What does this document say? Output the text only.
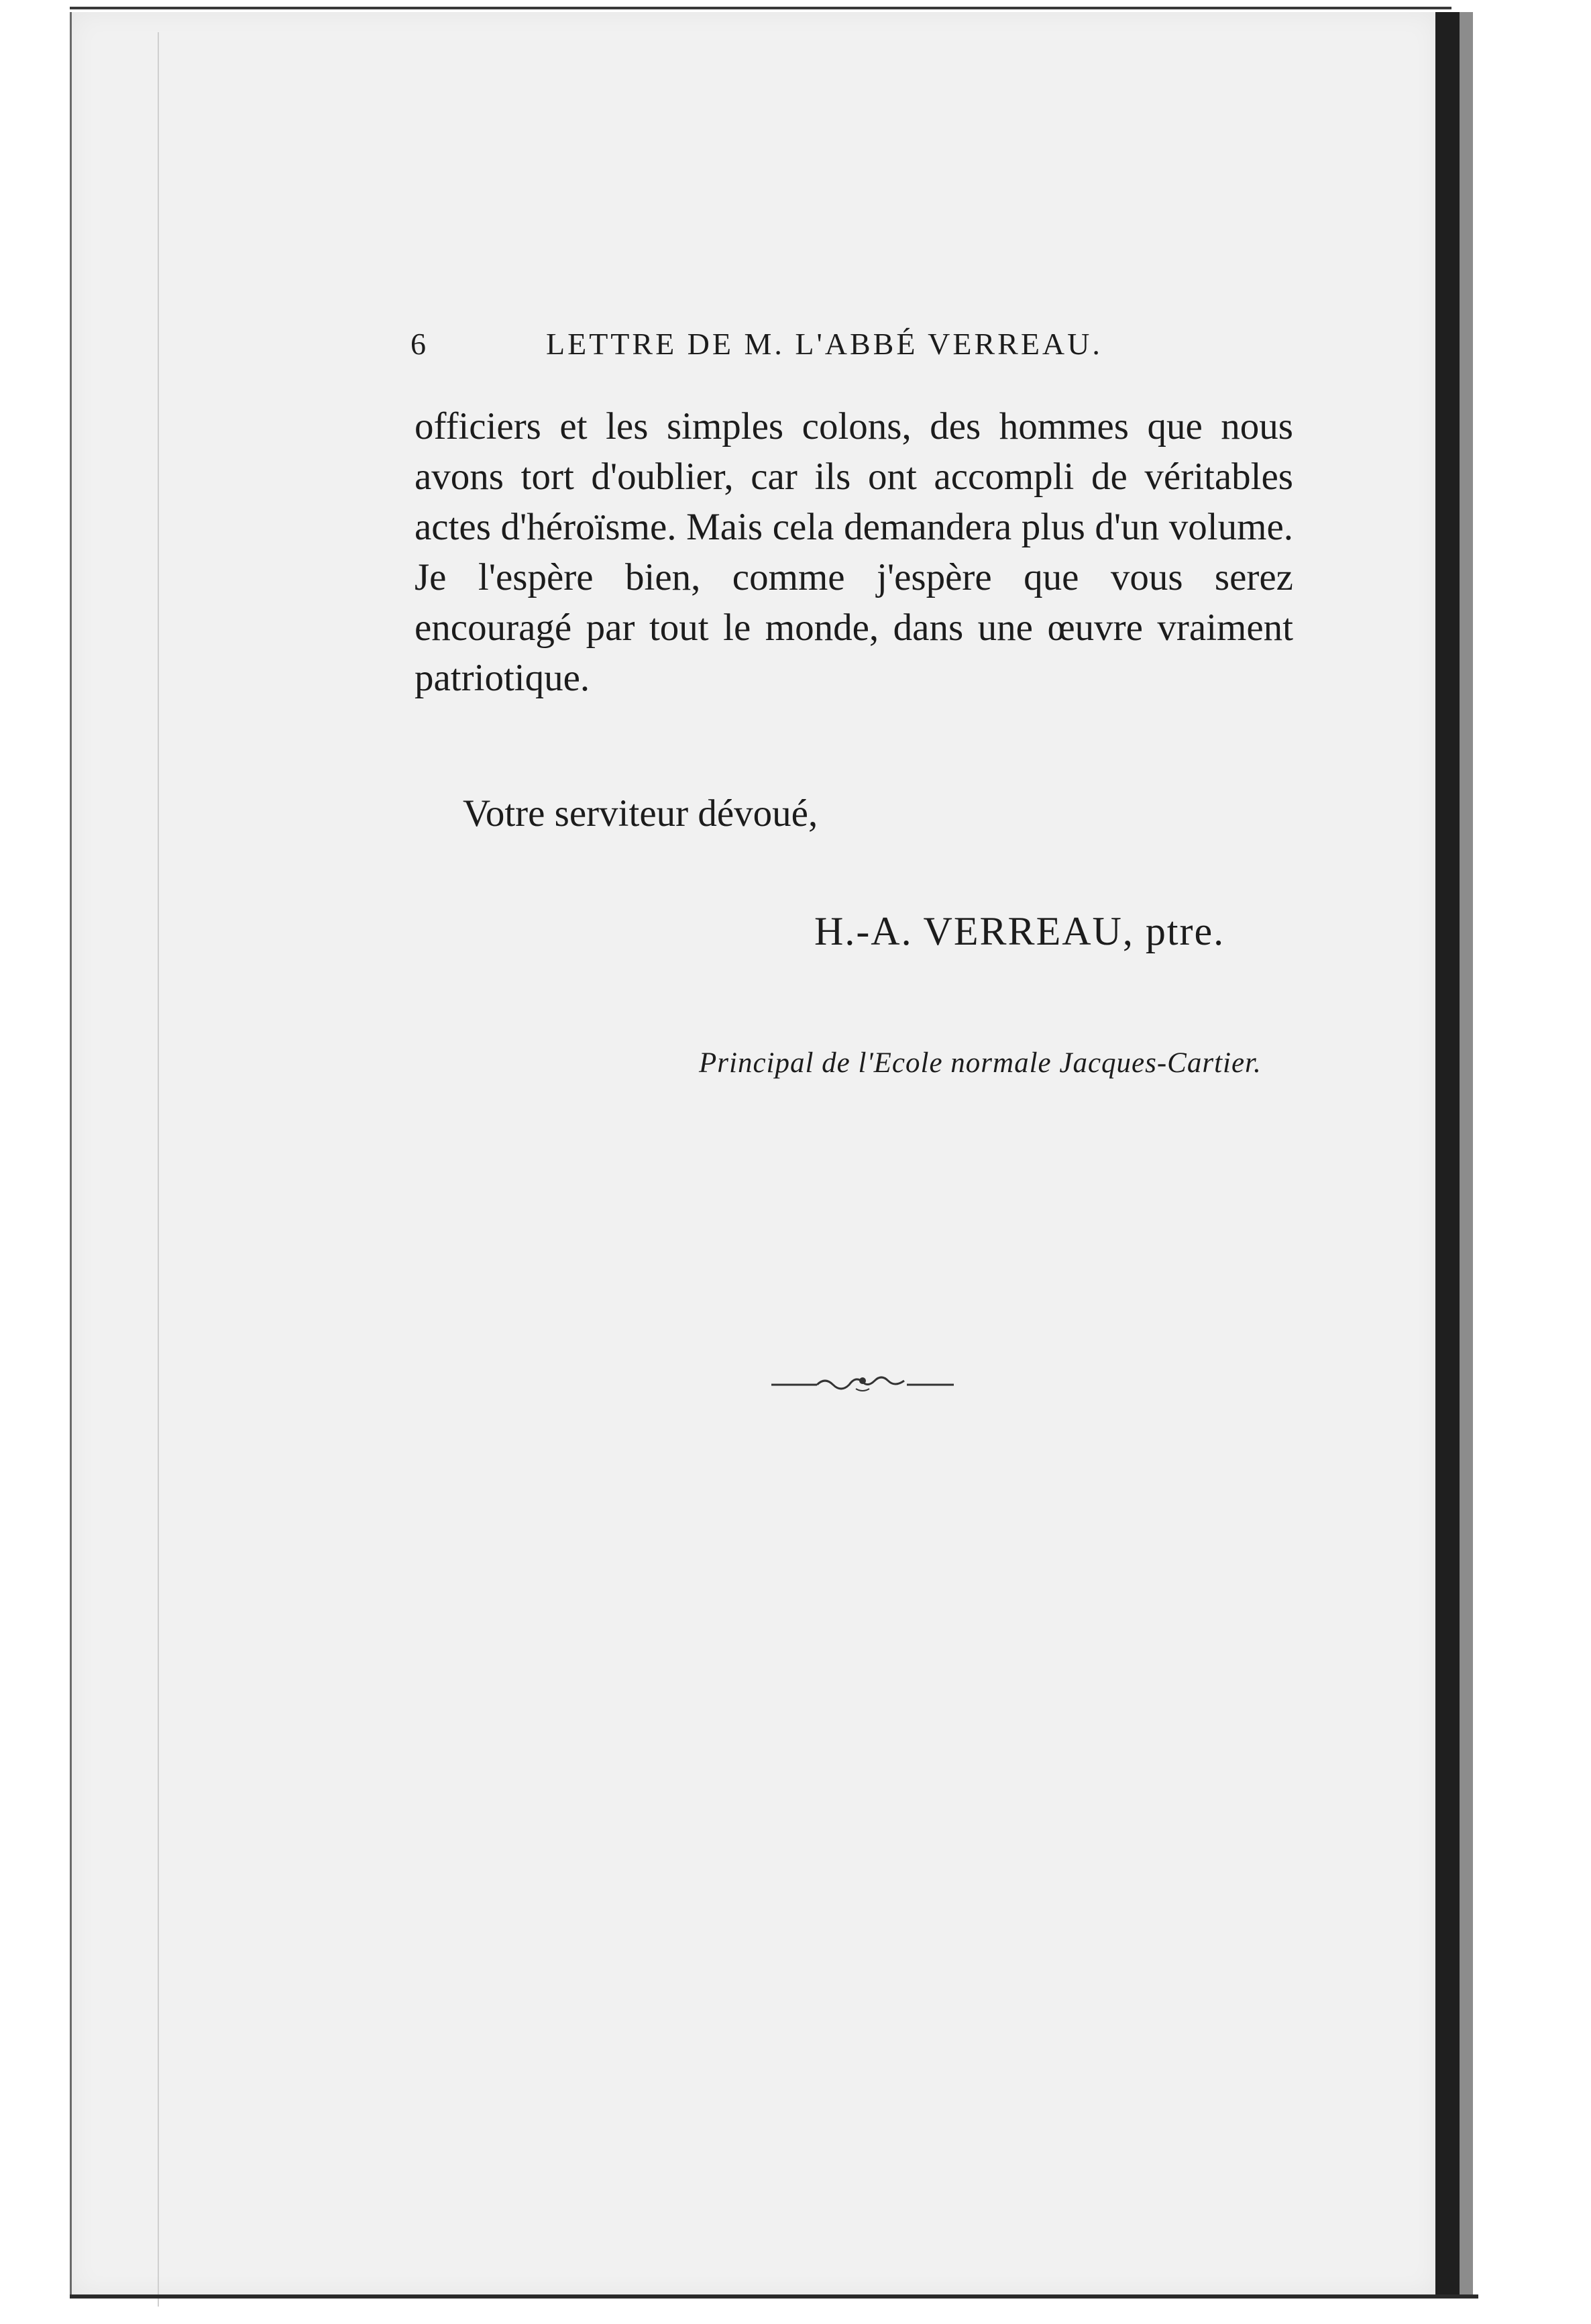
6	LETTRE DE M. L'ABBÉ VERREAU.

officiers et les simples colons, des hommes que nous avons tort d'oublier, car ils ont accompli de véritables actes d'héroïsme. Mais cela demandera plus d'un volume. Je l'espère bien, comme j'espère que vous serez encouragé par tout le monde, dans une œuvre vraiment patriotique.

Votre serviteur dévoué,
H.-A. VERREAU, ptre.
Principal de l'Ecole normale Jacques-Cartier.
